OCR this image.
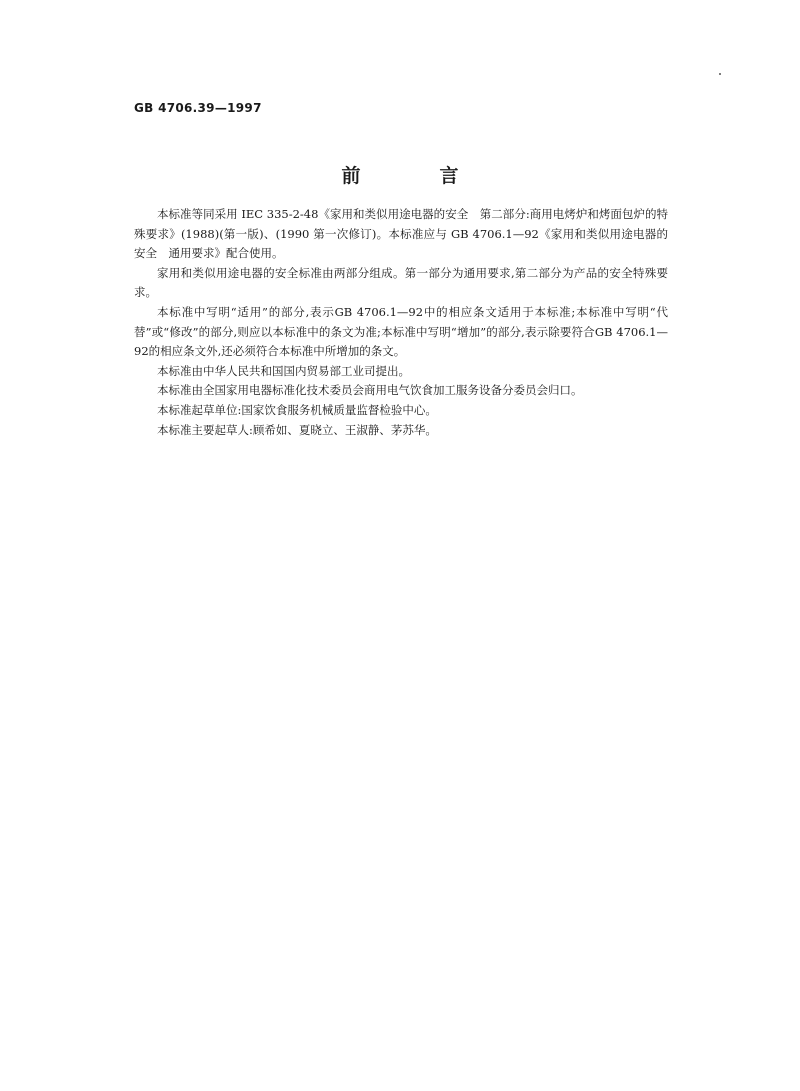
GB 4706.39—1997
前　言

本标准等同采用 IEC 335-2-48《家用和类似用途电器的安全　第二部分:商用电烤炉和烤面包炉的特殊要求》(1988)(第一版)、(1990 第一次修订)。本标准应与 GB 4706.1—92《家用和类似用途电器的安全　通用要求》配合使用。

家用和类似用途电器的安全标准由两部分组成。第一部分为通用要求,第二部分为产品的安全特殊要求。

本标准中写明“适用”的部分,表示GB 4706.1—92中的相应条文适用于本标准;本标准中写明“代替”或“修改”的部分,则应以本标准中的条文为准;本标准中写明“增加”的部分,表示除要符合GB 4706.1—92的相应条文外,还必须符合本标准中所增加的条文。

本标准由中华人民共和国国内贸易部工业司提出。

本标准由全国家用电器标准化技术委员会商用电气饮食加工服务设备分委员会归口。

本标准起草单位:国家饮食服务机械质量监督检验中心。

本标准主要起草人:顾希如、夏晓立、王淑静、茅苏华。
